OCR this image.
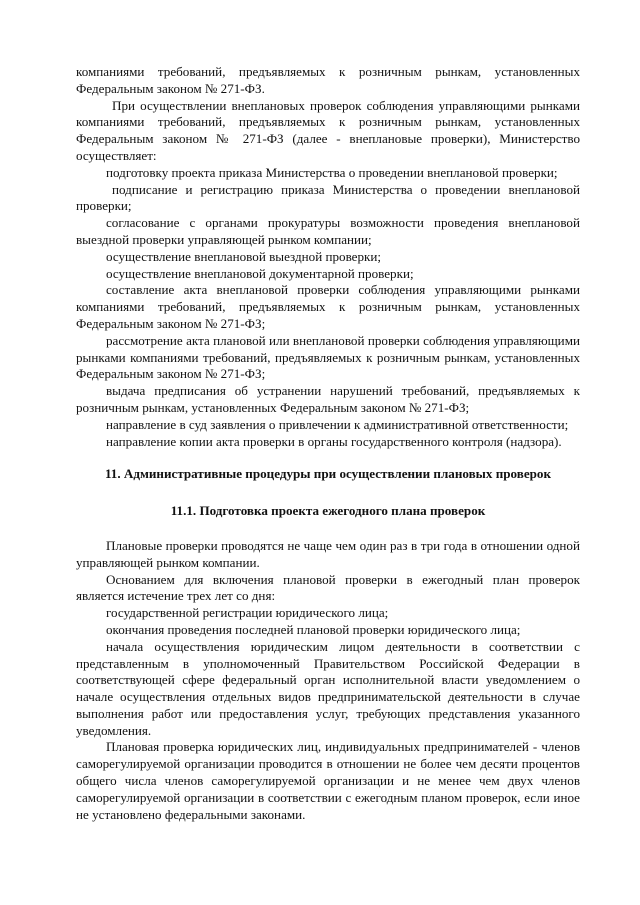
компаниями требований, предъявляемых к розничным рынкам, установленных Федеральным законом № 271-ФЗ.

При осуществлении внеплановых проверок соблюдения управляющими рынками компаниями требований, предъявляемых к розничным рынкам, установленных Федеральным законом № 271-ФЗ (далее - внеплановые проверки), Министерство осуществляет:

подготовку проекта приказа Министерства о проведении внеплановой проверки;

подписание и регистрацию приказа Министерства о проведении внеплановой проверки;

согласование с органами прокуратуры возможности проведения внеплановой выездной проверки управляющей рынком компании;

осуществление внеплановой выездной проверки;

осуществление внеплановой документарной проверки;

составление акта внеплановой проверки соблюдения управляющими рынками компаниями требований, предъявляемых к розничным рынкам, установленных Федеральным законом № 271-ФЗ;

рассмотрение акта плановой или внеплановой проверки соблюдения управляющими рынками компаниями требований, предъявляемых к розничным рынкам, установленных Федеральным законом № 271-ФЗ;

выдача предписания об устранении нарушений требований, предъявляемых к розничным рынкам, установленных Федеральным законом № 271-ФЗ;

направление в суд заявления о привлечении к административной ответственности;

направление копии акта проверки в органы государственного контроля (надзора).

11. Административные процедуры при осуществлении плановых проверок

11.1. Подготовка проекта ежегодного плана проверок

Плановые проверки проводятся не чаще чем один раз в три года в отношении одной управляющей рынком компании.

Основанием для включения плановой проверки в ежегодный план проверок является истечение трех лет со дня:

государственной регистрации юридического лица;

окончания проведения последней плановой проверки юридического лица;

начала осуществления юридическим лицом деятельности в соответствии с представленным в уполномоченный Правительством Российской Федерации в соответствующей сфере федеральный орган исполнительной власти уведомлением о начале осуществления отдельных видов предпринимательской деятельности в случае выполнения работ или предоставления услуг, требующих представления указанного уведомления.

Плановая проверка юридических лиц, индивидуальных предпринимателей - членов саморегулируемой организации проводится в отношении не более чем десяти процентов общего числа членов саморегулируемой организации и не менее чем двух членов саморегулируемой организации в соответствии с ежегодным планом проверок, если иное не установлено федеральными законами.
